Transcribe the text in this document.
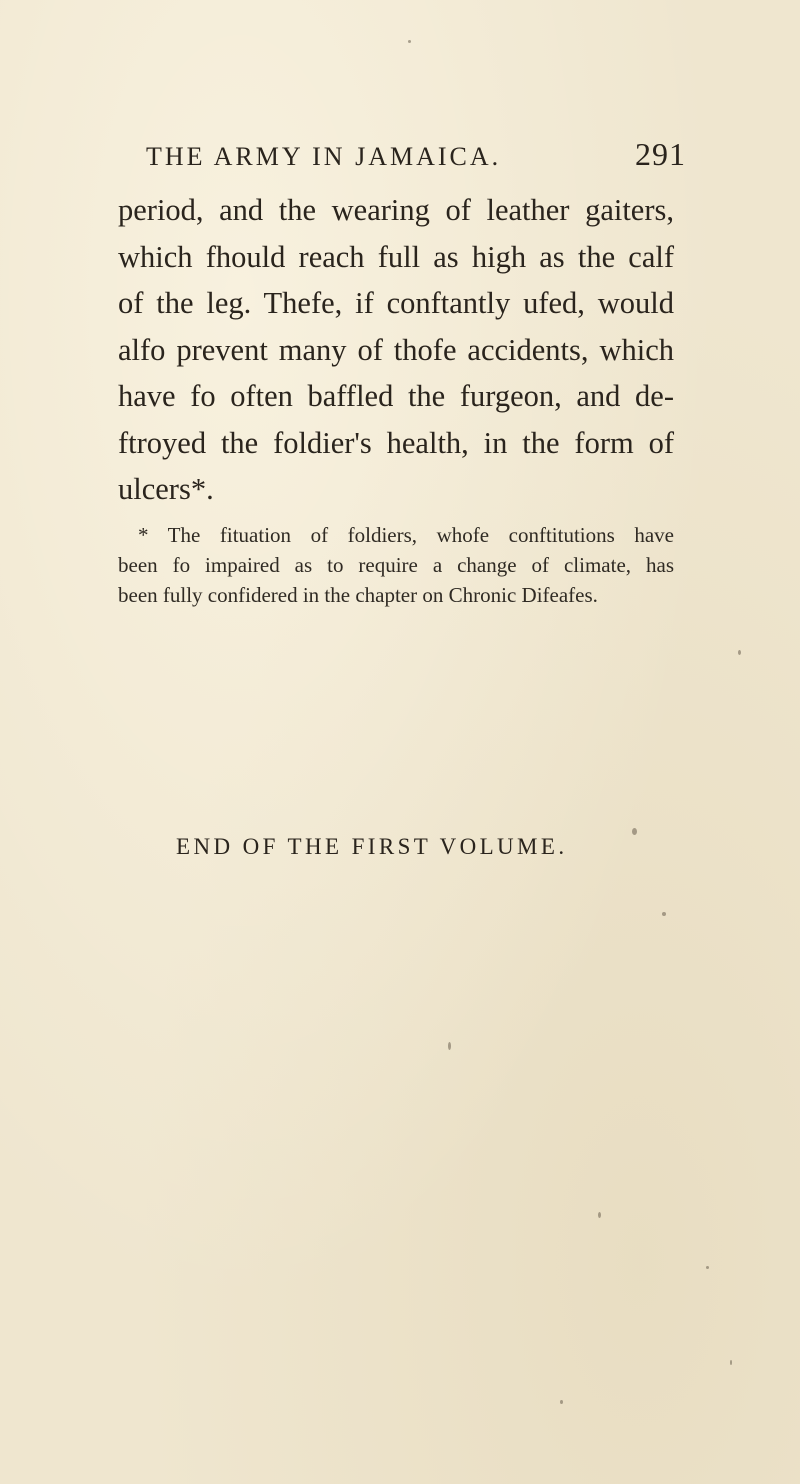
THE ARMY IN JAMAICA.	291
period, and the wearing of leather gaiters,
which fhould reach full as high as the calf
of the leg. Thefe, if conftantly ufed, would
alfo prevent many of thofe accidents, which
have fo often baffled the furgeon, and de-
ftroyed the foldier's health, in the form of
ulcers*.
* The fituation of foldiers, whofe conftitutions have
been fo impaired as to require a change of climate, has
been fully confidered in the chapter on Chronic Difeafes.
END OF THE FIRST VOLUME.
